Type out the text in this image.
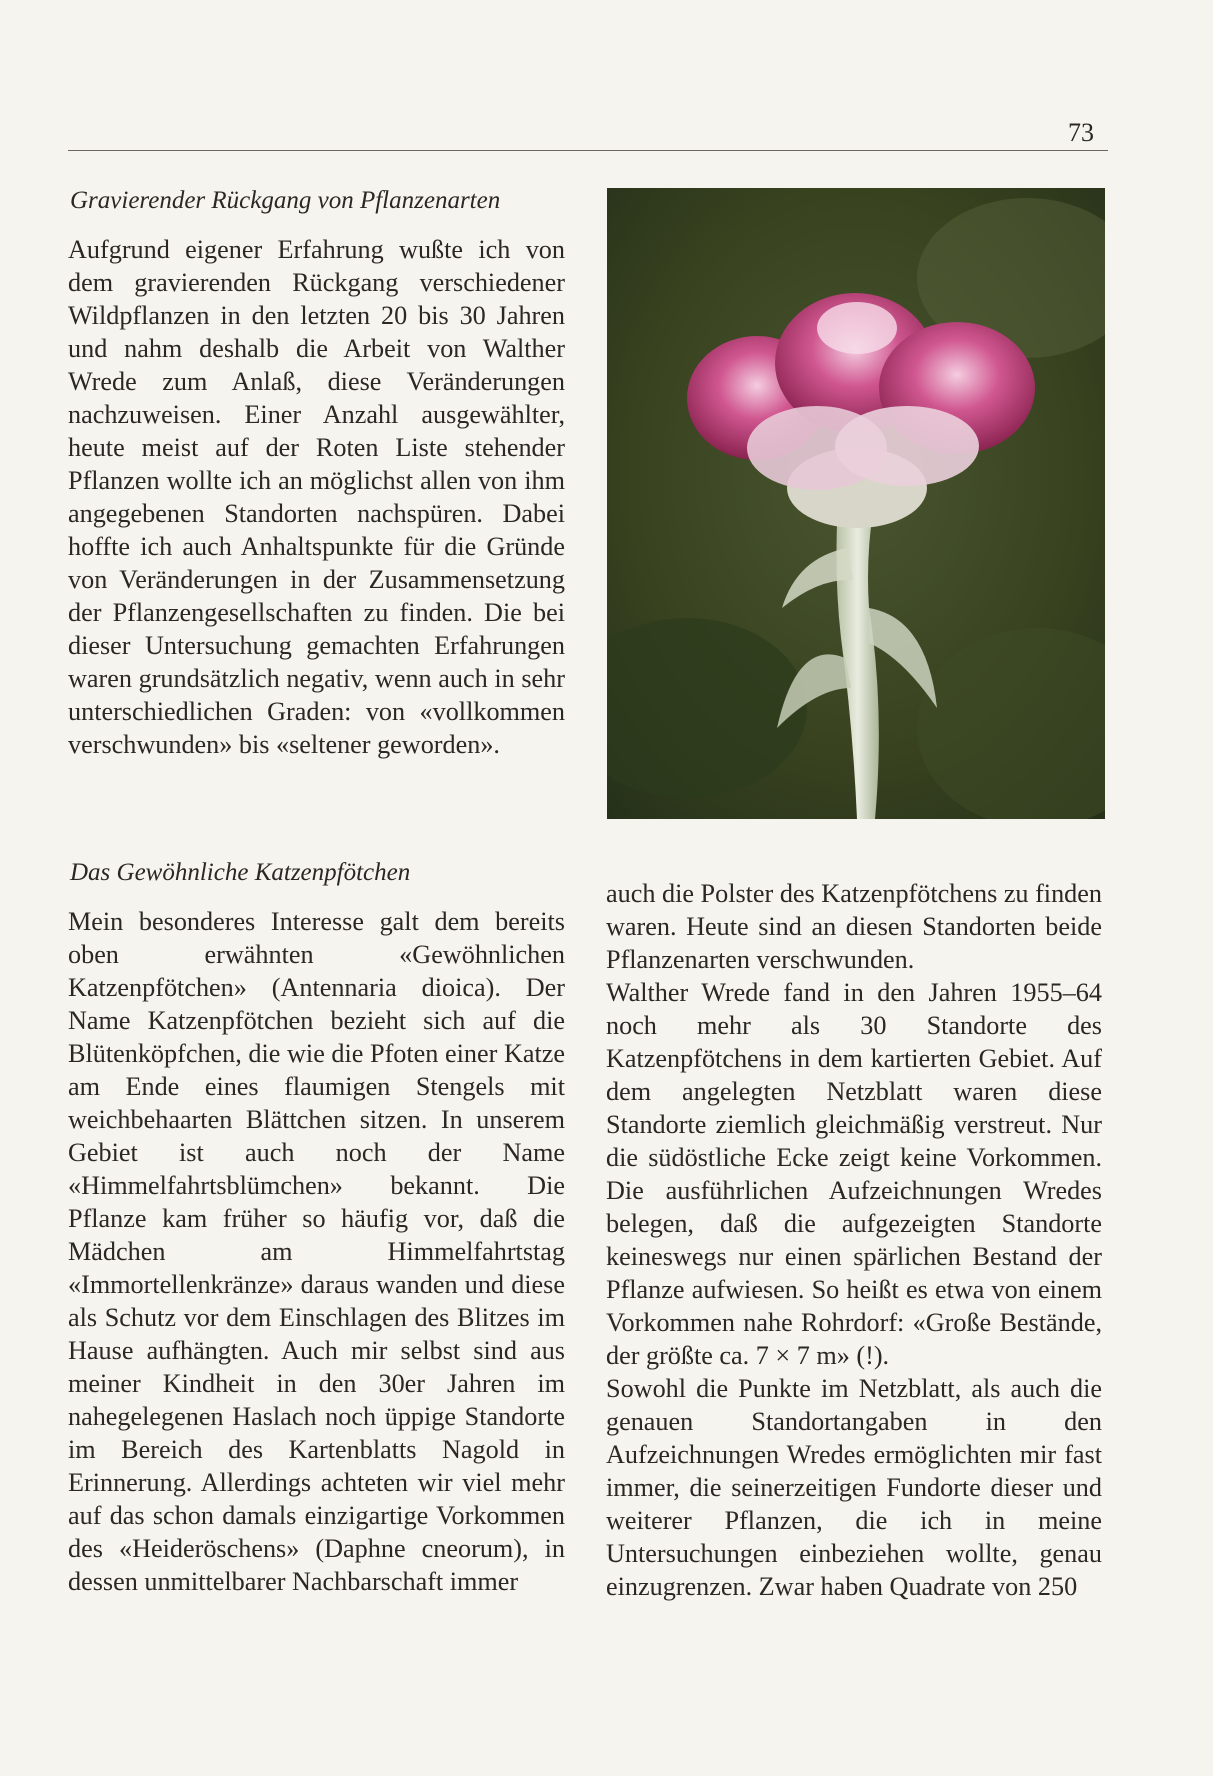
73
Gravierender Rückgang von Pflanzenarten

Aufgrund eigener Erfahrung wußte ich von dem gravierenden Rückgang verschiedener Wildpflanzen in den letzten 20 bis 30 Jahren und nahm deshalb die Arbeit von Walther Wrede zum Anlaß, diese Veränderungen nachzuweisen. Einer Anzahl ausgewählter, heute meist auf der Roten Liste stehender Pflanzen wollte ich an möglichst allen von ihm angegebenen Standorten nachspüren. Dabei hoffte ich auch Anhaltspunkte für die Gründe von Veränderungen in der Zusammensetzung der Pflanzengesellschaften zu finden. Die bei dieser Untersuchung gemachten Erfahrungen waren grundsätzlich negativ, wenn auch in sehr unterschiedlichen Graden: von «vollkommen verschwunden» bis «seltener geworden».

Das Gewöhnliche Katzenpfötchen

Mein besonderes Interesse galt dem bereits oben erwähnten «Gewöhnlichen Katzenpfötchen» (Antennaria dioica). Der Name Katzenpfötchen bezieht sich auf die Blütenköpfchen, die wie die Pfoten einer Katze am Ende eines flaumigen Stengels mit weichbehaarten Blättchen sitzen. In unserem Gebiet ist auch noch der Name «Himmelfahrtsblümchen» bekannt. Die Pflanze kam früher so häufig vor, daß die Mädchen am Himmelfahrtstag «Immortellenkränze» daraus wanden und diese als Schutz vor dem Einschlagen des Blitzes im Hause aufhängten. Auch mir selbst sind aus meiner Kindheit in den 30er Jahren im nahegelegenen Haslach noch üppige Standorte im Bereich des Kartenblatts Nagold in Erinnerung. Allerdings achteten wir viel mehr auf das schon damals einzigartige Vorkommen des «Heideröschens» (Daphne cneorum), in dessen unmittelbarer Nachbarschaft immer

auch die Polster des Katzenpfötchens zu finden waren. Heute sind an diesen Standorten beide Pflanzenarten verschwunden.

Walther Wrede fand in den Jahren 1955–64 noch mehr als 30 Standorte des Katzenpfötchens in dem kartierten Gebiet. Auf dem angelegten Netzblatt waren diese Standorte ziemlich gleichmäßig verstreut. Nur die südöstliche Ecke zeigt keine Vorkommen. Die ausführlichen Aufzeichnungen Wredes belegen, daß die aufgezeigten Standorte keineswegs nur einen spärlichen Bestand der Pflanze aufwiesen. So heißt es etwa von einem Vorkommen nahe Rohrdorf: «Große Bestände, der größte ca. 7 × 7 m» (!).

Sowohl die Punkte im Netzblatt, als auch die genauen Standortangaben in den Aufzeichnungen Wredes ermöglichten mir fast immer, die seinerzeitigen Fundorte dieser und weiterer Pflanzen, die ich in meine Untersuchungen einbeziehen wollte, genau einzugrenzen. Zwar haben Quadrate von 250
